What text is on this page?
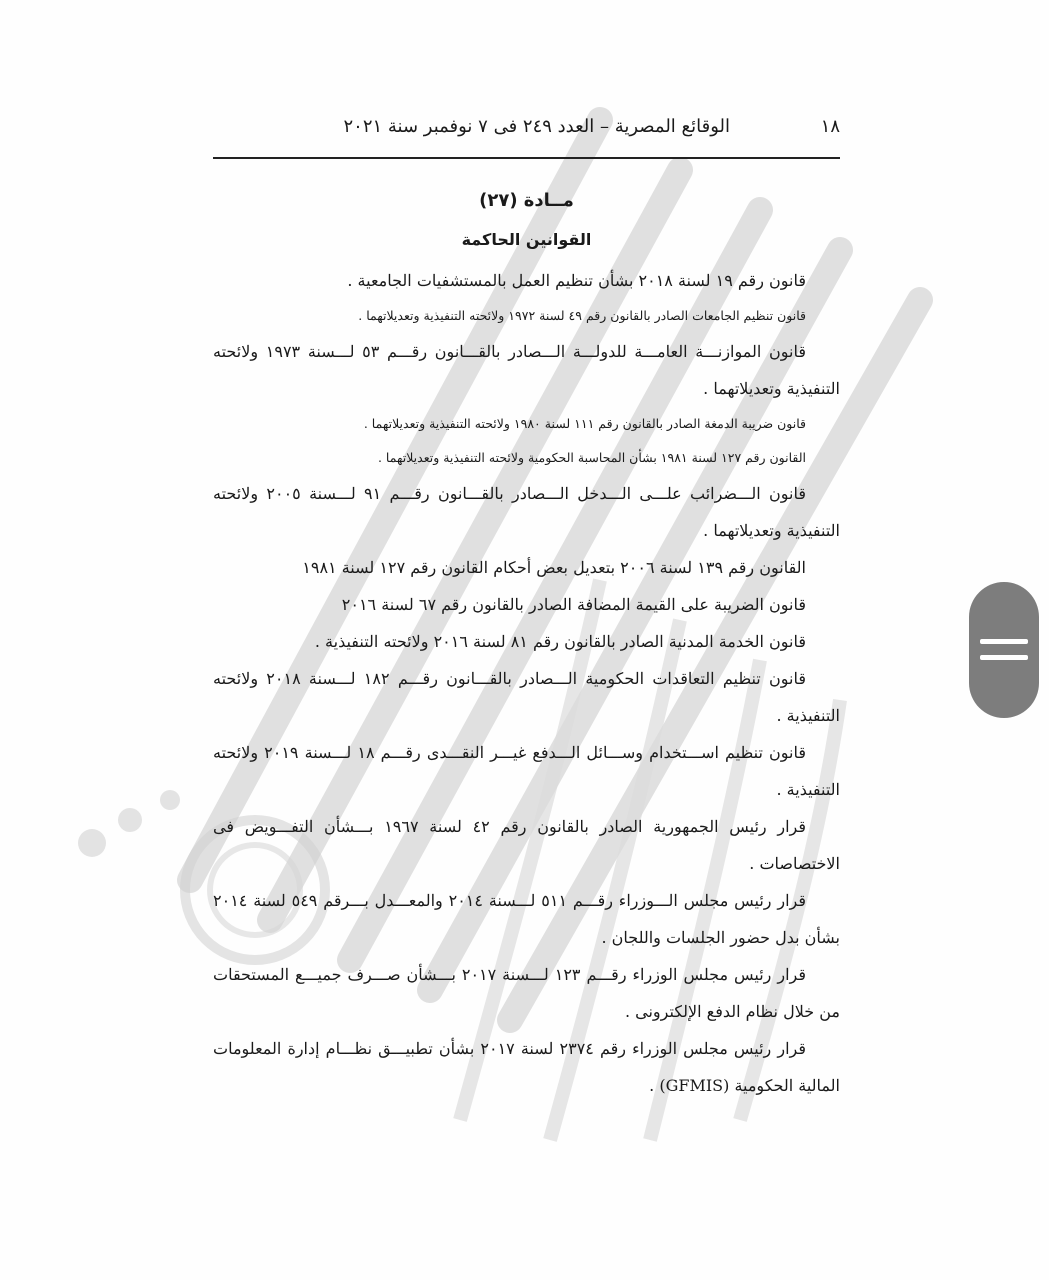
١٨
الوقائع المصرية – العدد ٢٤٩ فى ٧ نوفمبر سنة ٢٠٢١
مــادة (٢٧)
القوانين الحاكمة

قانون رقم ١٩ لسنة ٢٠١٨ بشأن تنظيم العمل بالمستشفيات الجامعية .

قانون تنظيم الجامعات الصادر بالقانون رقم ٤٩ لسنة ١٩٧٢ ولائحته التنفيذية وتعديلاتهما .

قانون الموازنـــة العامـــة للدولـــة الـــصادر بالقـــانون رقـــم ٥٣ لـــسنة ١٩٧٣ ولائحته التنفيذية وتعديلاتهما .

قانون ضريبة الدمغة الصادر بالقانون رقم ١١١ لسنة ١٩٨٠ ولائحته التنفيذية وتعديلاتهما .

القانون رقم ١٢٧ لسنة ١٩٨١ بشأن المحاسبة الحكومية ولائحته التنفيذية وتعديلاتهما .

قانون الـــضرائب علـــى الـــدخل الـــصادر بالقـــانون رقـــم ٩١ لـــسنة ٢٠٠٥ ولائحته التنفيذية وتعديلاتهما .

القانون رقم ١٣٩ لسنة ٢٠٠٦ بتعديل بعض أحكام القانون رقم ١٢٧ لسنة ١٩٨١

قانون الضريبة على القيمة المضافة الصادر بالقانون رقم ٦٧ لسنة ٢٠١٦

قانون الخدمة المدنية الصادر بالقانون رقم ٨١ لسنة ٢٠١٦ ولائحته التنفيذية .

قانون تنظيم التعاقدات الحكومية الـــصادر بالقـــانون رقـــم ١٨٢ لـــسنة ٢٠١٨ ولائحته التنفيذية .

قانون تنظيم اســـتخدام وســـائل الـــدفع غيـــر النقـــدى رقـــم ١٨ لـــسنة ٢٠١٩ ولائحته التنفيذية .

قرار رئيس الجمهورية الصادر بالقانون رقم ٤٢ لسنة ١٩٦٧ بـــشأن التفـــويض فى الاختصاصات .

قرار رئيس مجلس الـــوزراء رقـــم ٥١١ لـــسنة ٢٠١٤ والمعـــدل بـــرقم ٥٤٩ لسنة ٢٠١٤ بشأن بدل حضور الجلسات واللجان .

قرار رئيس مجلس الوزراء رقـــم ١٢٣ لـــسنة ٢٠١٧ بـــشأن صـــرف جميـــع المستحقات من خلال نظام الدفع الإلكترونى .

قرار رئيس مجلس الوزراء رقم ٢٣٧٤ لسنة ٢٠١٧ بشأن تطبيـــق نظـــام إدارة المعلومات المالية الحكومية (GFMIS) .
